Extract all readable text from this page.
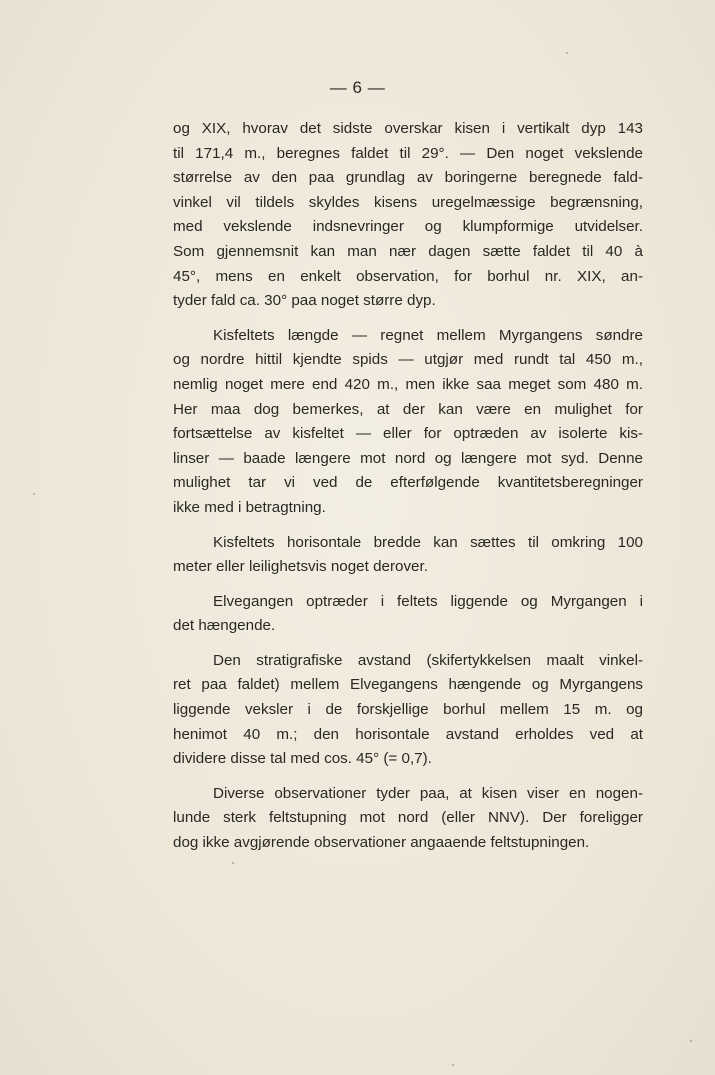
— 6 —

og XIX, hvorav det sidste overskar kisen i vertikalt dyp 143
til 171,4 m., beregnes faldet til 29°. — Den noget vekslende
størrelse av den paa grundlag av boringerne beregnede fald-
vinkel vil tildels skyldes kisens uregelmæssige begrænsning,
med vekslende indsnevringer og klumpformige utvidelser.
Som gjennemsnit kan man nær dagen sætte faldet til 40 à
45°, mens en enkelt observation, for borhul nr. XIX, an-
tyder fald ca. 30° paa noget større dyp.

Kisfeltets længde — regnet mellem Myrgangens søndre
og nordre hittil kjendte spids — utgjør med rundt tal 450 m.,
nemlig noget mere end 420 m., men ikke saa meget som 480 m.
Her maa dog bemerkes, at der kan være en mulighet for
fortsættelse av kisfeltet — eller for optræden av isolerte kis-
linser — baade længere mot nord og længere mot syd. Denne
mulighet tar vi ved de efterfølgende kvantitetsberegninger
ikke med i betragtning.

Kisfeltets horisontale bredde kan sættes til omkring 100
meter eller leilighetsvis noget derover.

Elvegangen optræder i feltets liggende og Myrgangen i
det hængende.

Den stratigrafiske avstand (skifertykkelsen maalt vinkel-
ret paa faldet) mellem Elvegangens hængende og Myrgangens
liggende veksler i de forskjellige borhul mellem 15 m. og
henimot 40 m.; den horisontale avstand erholdes ved at
dividere disse tal med cos. 45° (= 0,7).

Diverse observationer tyder paa, at kisen viser en nogen-
lunde sterk feltstupning mot nord (eller NNV). Der foreligger
dog ikke avgjørende observationer angaaende feltstupningen.
